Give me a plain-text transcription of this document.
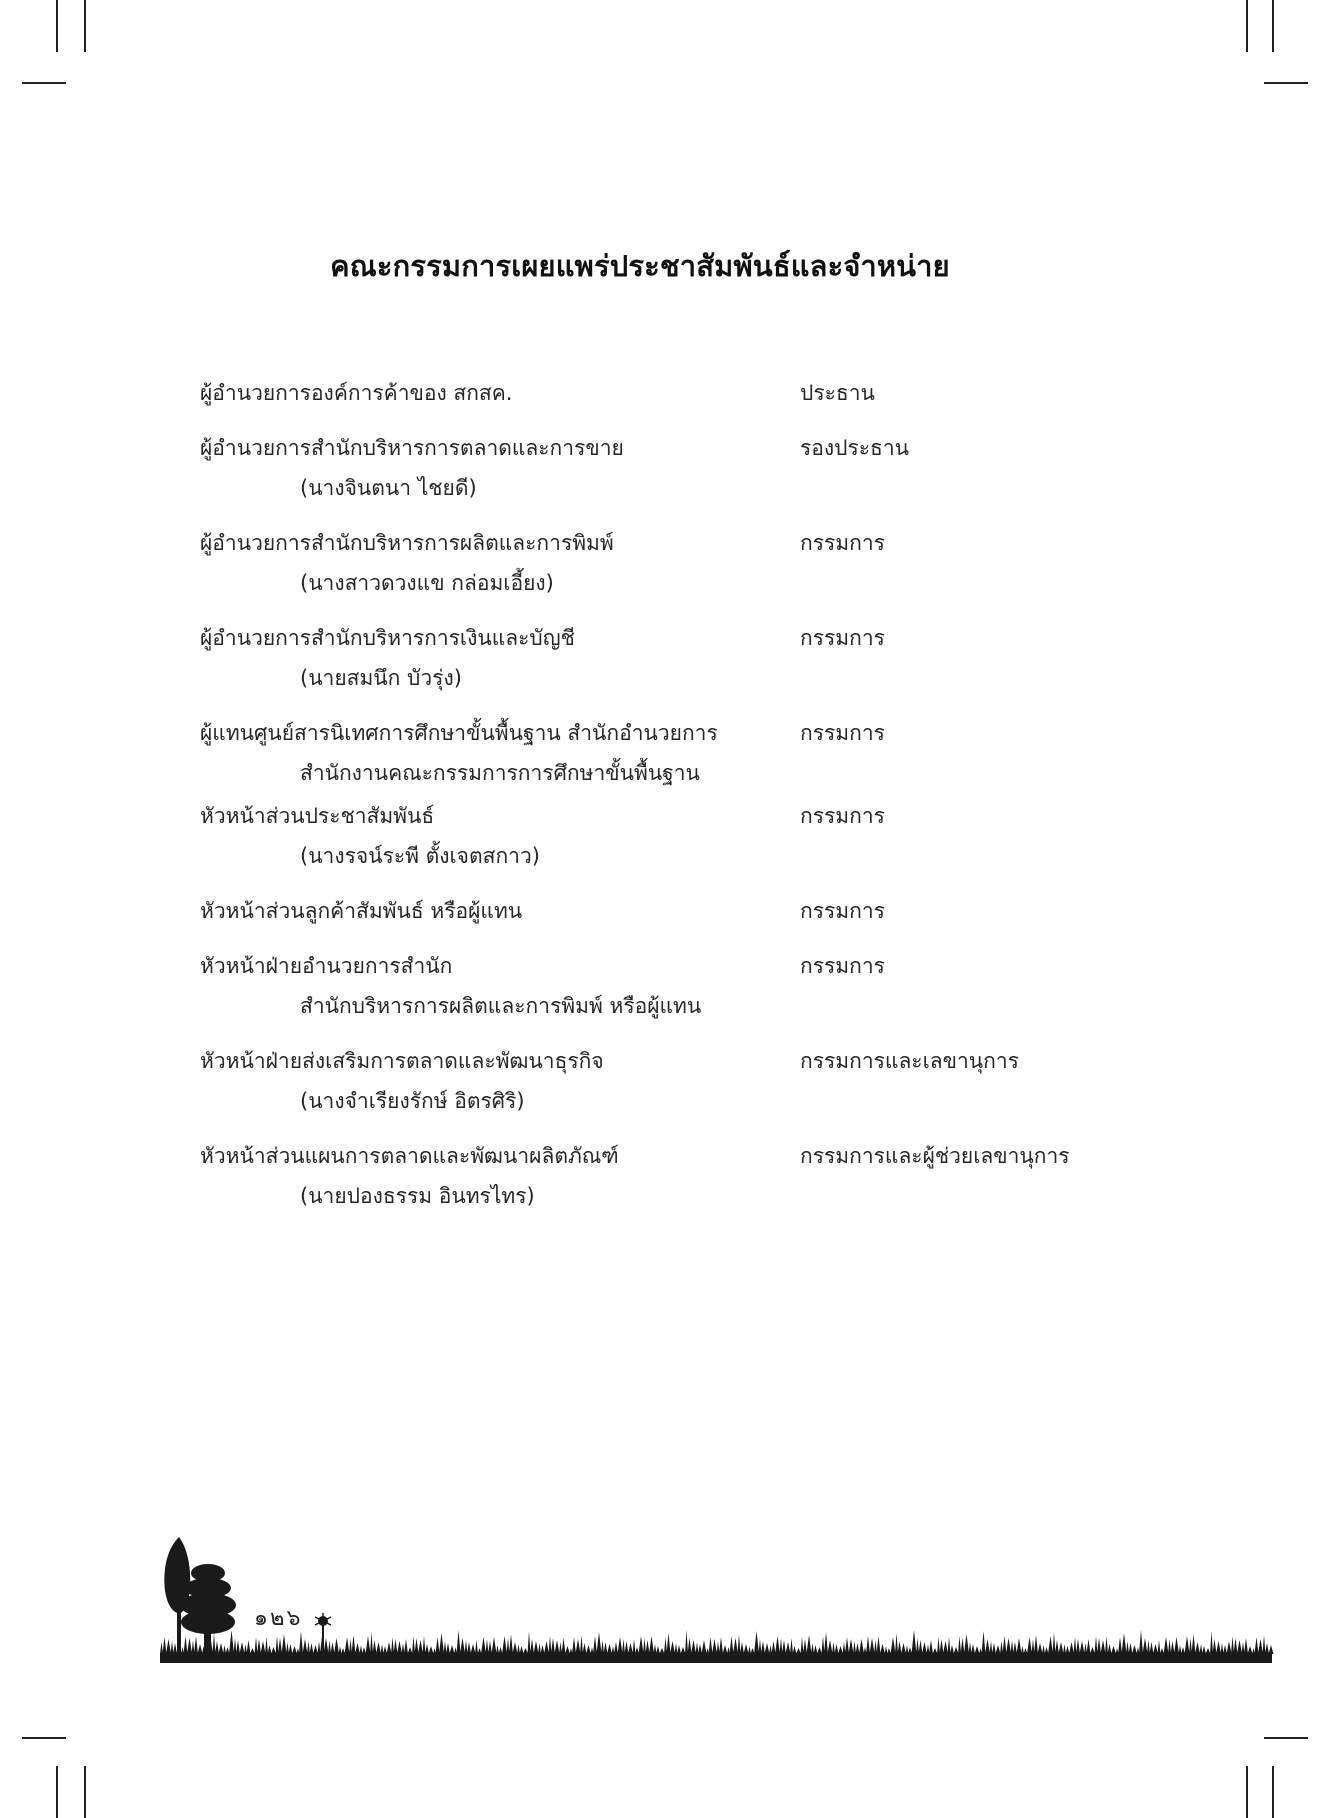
คณะกรรมการเผยแพร่ประชาสัมพันธ์และจำหน่าย
ผู้อำนวยการองค์การค้าของ สกสค.	ประธาน
ผู้อำนวยการสำนักบริหารการตลาดและการขาย
(นางจินตนา ไชยดี)
รองประธาน
ผู้อำนวยการสำนักบริหารการผลิตและการพิมพ์
(นางสาวดวงแข กล่อมเอี้ยง)
กรรมการ
ผู้อำนวยการสำนักบริหารการเงินและบัญชี
(นายสมนึก บัวรุ่ง)
กรรมการ
ผู้แทนศูนย์สารนิเทศการศึกษาขั้นพื้นฐาน สำนักอำนวยการ
สำนักงานคณะกรรมการการศึกษาขั้นพื้นฐาน
กรรมการ
หัวหน้าส่วนประชาสัมพันธ์
(นางรจน์ระพี ตั้งเจตสกาว)
กรรมการ
หัวหน้าส่วนลูกค้าสัมพันธ์ หรือผู้แทน	กรรมการ
หัวหน้าฝ่ายอำนวยการสำนัก
สำนักบริหารการผลิตและการพิมพ์ หรือผู้แทน
กรรมการ
หัวหน้าฝ่ายส่งเสริมการตลาดและพัฒนาธุรกิจ
(นางจำเรียงรักษ์ อิตรศิริ)
กรรมการและเลขานุการ
หัวหน้าส่วนแผนการตลาดและพัฒนาผลิตภัณฑ์
(นายปองธรรม อินทรไทร)
กรรมการและผู้ช่วยเลขานุการ
๑๒๖
